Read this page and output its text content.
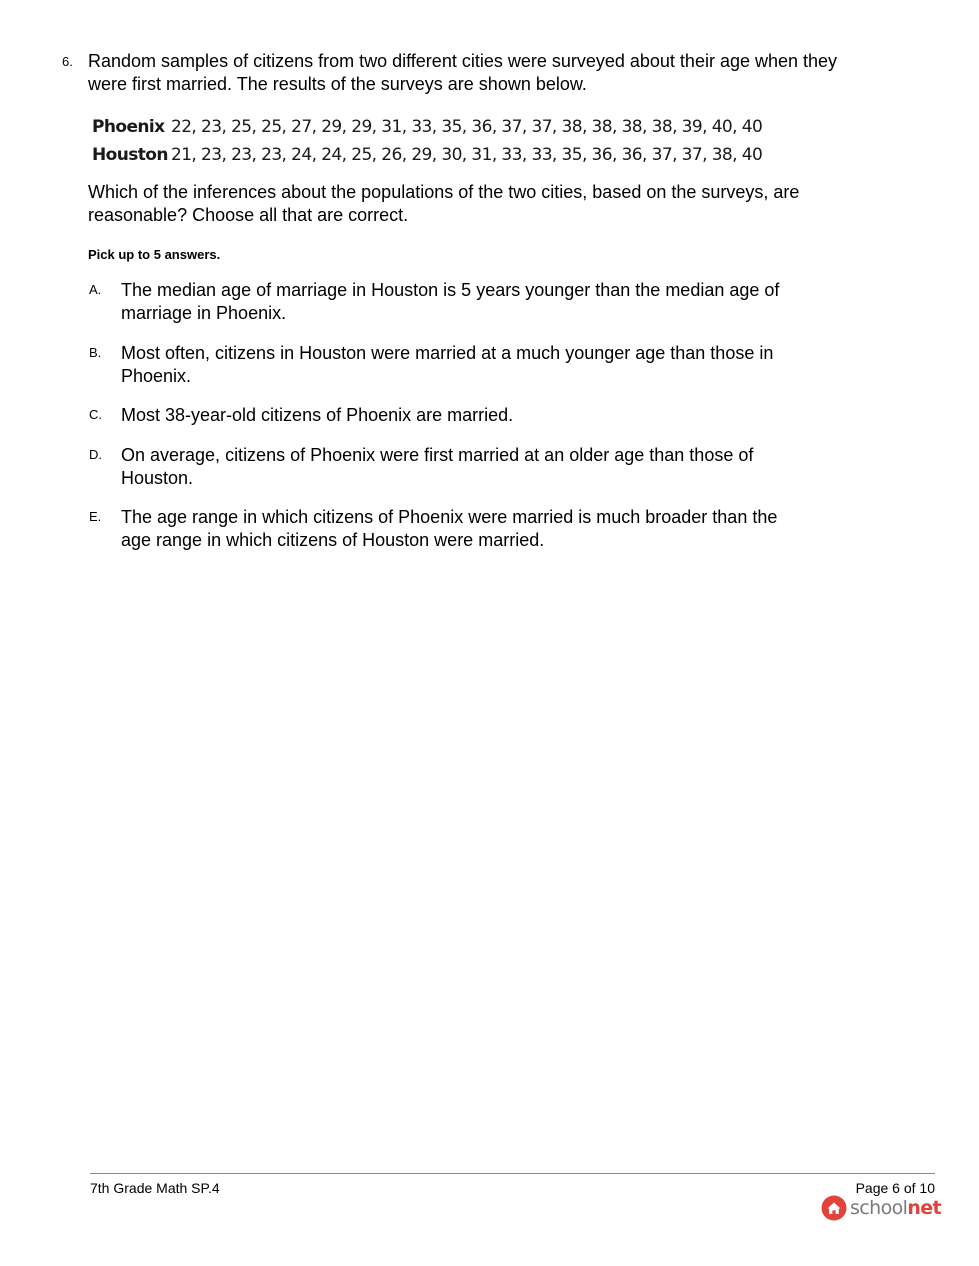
6. Random samples of citizens from two different cities were surveyed about their age when they were first married. The results of the surveys are shown below.
Phoenix 22, 23, 25, 25, 27, 29, 29, 31, 33, 35, 36, 37, 37, 38, 38, 38, 38, 39, 40, 40
Houston 21, 23, 23, 23, 24, 24, 25, 26, 29, 30, 31, 33, 33, 35, 36, 36, 37, 37, 38, 40
Which of the inferences about the populations of the two cities, based on the surveys, are reasonable? Choose all that are correct.
Pick up to 5 answers.
A.	The median age of marriage in Houston is 5 years younger than the median age of marriage in Phoenix.
B.	Most often, citizens in Houston were married at a much younger age than those in Phoenix.
C.	Most 38-year-old citizens of Phoenix are married.
D.	On average, citizens of Phoenix were first married at an older age than those of Houston.
E.	The age range in which citizens of Phoenix were married is much broader than the age range in which citizens of Houston were married.
7th Grade Math SP.4	Page 6 of 10
schoolnet
